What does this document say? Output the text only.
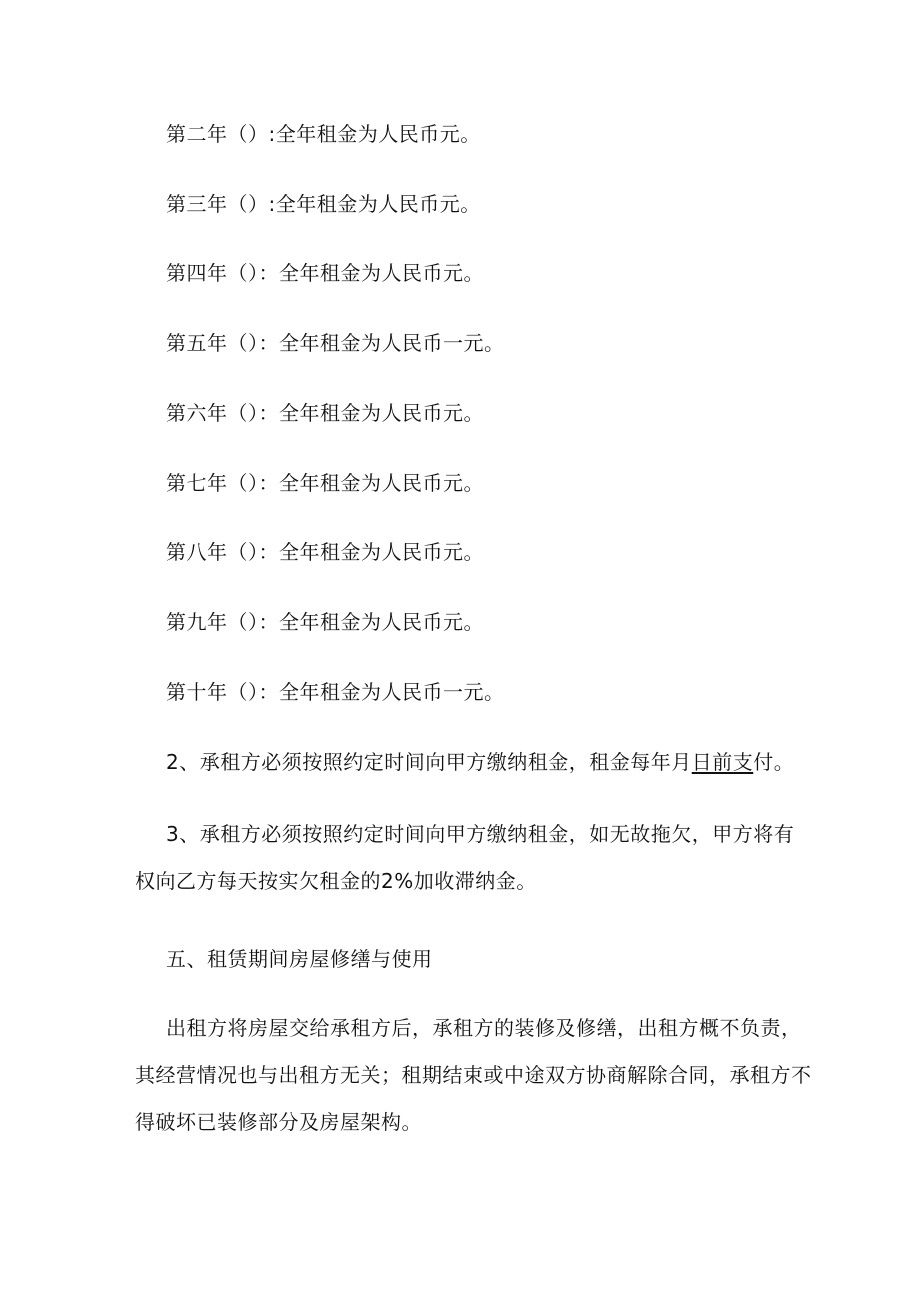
第二年（）:全年租金为人民币元。

第三年（）:全年租金为人民币元。

第四年（）：全年租金为人民币元。

第五年（）：全年租金为人民币一元。

第六年（）：全年租金为人民币元。

第七年（）：全年租金为人民币元。

第八年（）：全年租金为人民币元。

第九年（）：全年租金为人民币元。

第十年（）：全年租金为人民币一元。

2、承租方必须按照约定时间向甲方缴纳租金，租金每年月日前支付。

3、承租方必须按照约定时间向甲方缴纳租金，如无故拖欠，甲方将有

权向乙方每天按实欠租金的2%加收滞纳金。

五、租赁期间房屋修缮与使用

出租方将房屋交给承租方后，承租方的装修及修缮，出租方概不负责，

其经营情况也与出租方无关；租期结束或中途双方协商解除合同，承租方不

得破坏已装修部分及房屋架构。
